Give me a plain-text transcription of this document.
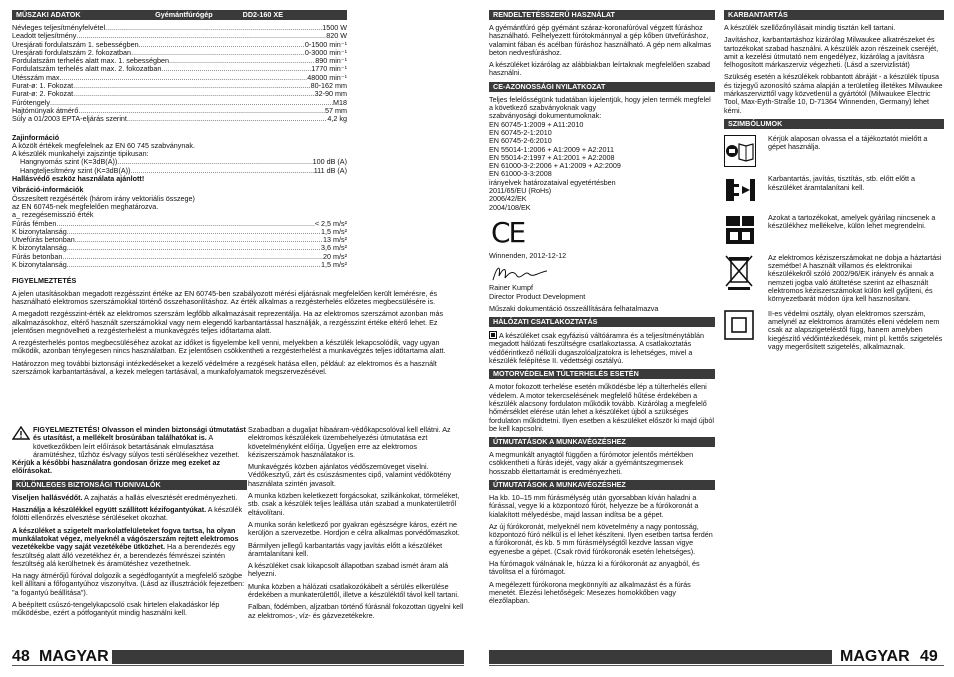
MŰSZAKI ADATOK	DD2-160 XE
Gyémántfúrógép
Névleges teljesítményfelvétel .....	1500 W
Leadott teljesítmény .....	820 W
Üresjárati fordulatszám 1. sebességben .....	0-1500 min⁻¹
Üresjárati fordulatszám 2. fokozatban .....	0-3000 min⁻¹
Fordulatszám terhelés alatt max. 1. sebességben .....	890 min⁻¹
Fordulatszám terhelés alatt max. 2. fokozatban .....	1770 min⁻¹
Ütésszám max. .....	48000 min⁻¹
Furat-ø: 1. Fokozat .....	80-162 mm
Furat-ø: 2. Fokozat .....	32-90 mm
Fúrótengely .....	M18
Hajtómünyak átmérő .....	57 mm
Súly a 01/2003 EPTA-eljárás szerint .....	4,2 kg

Zajinformáció

A közölt értékek megfelelnek az EN 60 745 szabványnak.
A készülék munkahelyi zajszintje tipikusan:
Hangnyomás szint (K=3dB(A)) .....	100 dB (A)
Hangteljesítmény szint (K=3dB(A)) .....	111 dB (A)
Hallásvédő eszköz használata ajánlott!
Vibráció-információk
Összesített rezgésérték (három irány vektoriális összege)
az EN 60745-nek megfelelően meghatározva.
a_ rezegésemisszió érték
Fúrás fémben .....	< 2,5 m/s²
K bizonytalanság .....	1,5 m/s²
Ütvefúrás betonban .....	13 m/s²
K bizonytalanság .....	3,6 m/s²
Fúrás betonban .....	20 m/s²
K bizonytalanság .....	1,5 m/s²
FIGYELMEZTETÉS

A jelen utasításokban megadott rezgésszint értéke az EN 60745-ben szabályozott mérési eljárásnak megfelelően került lemérésre, és használható elektromos szerszámokkal történő összehasonlításhoz. Az érték alkalmas a rezgésterhelés előzetes megbecsülésére is.

A megadott rezgésszint-érték az elektromos szerszám legfőbb alkalmazásait reprezentálja. Ha az elektromos szerszámot azonban más alkalmazásokhoz, eltérő használt szerszámokkal vagy nem elegendő karbantartással használják, a rezgésszint értéke eltérő lehet. Ez jelentősen megnövelheti a rezgésterhelést a munkavégzés teljes időtartama alatt.

A rezgésterhelés pontos megbecsüléséhez azokat az időket is figyelembe kell venni, melyekben a készülék lekapcsolódik, vagy ugyan működik, azonban ténylegesen nincs használatban. Ez jelentősen csökkentheti a rezgésterhelést a munkavégzés teljes időtartama alatt.

Határozzon meg további biztonsági intézkedéseket a kezelő védelmére a rezgések hatása ellen, például: az elektromos és a használt szerszámok karbantartásával, a kezek melegen tartásával, a munkafolyamatok megszervezésével.

FIGYELMEZTETÉS! Olvasson el minden biztonsági útmutatást és utasítást, a mellékelt brosúrában találhatókat is. A következőkben leírt előírások betartásának elmulasztása áramütéshez, tűzhöz és/vagy súlyos testi sérülésekhez vezethet.

Kérjük a későbbi használatra gondosan őrizze meg ezeket az előírásokat.

KÜLÖNLEGES BIZTONSÁGI TUDNIVALÓK

Viseljen hallásvédőt. A zajhatás a hallás elvesztését eredményezheti.

Használja a készülékkel együtt szállított kézifogantyúkat. A készülék fölötti ellenőrzés elvesztése sérüléseket okozhat.

A készüléket a szigetelt markolatfelületeket fogva tartsa, ha olyan munkálatokat végez, melyeknél a vágószerszám rejtett elektromos vezetékekbe vagy saját vezetékébe ütközhet. Ha a berendezés egy feszültség alatt álló vezetékhez ér, a berendezés fémrészei szintén feszültség alá kerülhetnek és áramütéshez vezethetnek.

Ha nagy átmérőjű fúróval dolgozik a segédfogantyút a megfelelő szögbe kell állítani a főfogantyúhoz viszonyítva. (Lásd az illusztrációk fejezetben: "a fogantyú beállítása").

A beépített csúszó-tengelykapcsoló csak hirtelen elakadáskor lép működésbe, ezért a pótfogantyút mindig használni kell.

Szabadban a dugaljat hibaáram-védőkapcsolóval kell ellátni. Az elektromos készülékek üzembehelyezési útmutatása ezt követelményként előírja. Ügyeljen erre az elektromos kéziszerszámok használatakor is.

Munkavégzés közben ajánlatos védőszemüveget viselni. Védőkesztyű, zárt és csúszásmentes cipő, valamint védőkötény használata szintén javasolt.

A munka közben keletkezett forgácsokat, szilkánkokat, törmeléket, stb. csak a készülék teljes leállása után szabad a munkaterületről eltávolítani.

A munka során keletkező por gyakran egészségre káros, ezért ne kerüljön a szervezetbe. Hordjon e célra alkalmas porvédőmaszkot.

Bármilyen jellegű karbantartás vagy javítás előtt a készüléket áramtalanítani kell.

A készüléket csak kikapcsolt állapotban szabad ismét áram alá helyezni.

Munka közben a hálózati csatlakozókábelt a sérülés elkerülése érdekében a munkaterülettől, illetve a készüléktől távol kell tartani.

Falban, födémben, aljzatban történő fúrásnál fokozottan ügyelni kell az elektromos-, víz- és gázvezetékekre.

RENDELTETÉSSZERŰ HASZNÁLAT

A gyémántfúró gép gyémánt száraz-koronafúróval végzett fúráshoz használható. Felhelyezett fúrótokmánnyal a gép kőben ütvefúráshoz, valamint fában és acélban fúráshoz használható. A gép nem alkalmas beton nedvesfúráshoz.

A készüléket kizárólag az alábbiakban leírtaknak megfelelően szabad használni.

CE-AZONOSSÁGI NYILATKOZAT
Teljes felelősségünk tudatában kijelentjük, hogy jelen termék megfelel a következő szabványoknak vagy
szabványosági dokumentumoknak:
EN 60745-1:2009 + A11:2010
EN 60745-2-1:2010
EN 60745-2-6:2010
EN 55014-1:2006 + A1:2009 + A2:2011
EN 55014-2:1997 + A1:2001 + A2:2008
EN 61000-3-2:2006 + A1:2009 + A2:2009
EN 61000-3-3:2008
irányelvek határozataival egyetértésben
2011/65/EU (RoHs)
2006/42/EK
2004/108/EK
CE
Winnenden, 2012-12-12
Rainer Kumpf
Director Product Development
Műszaki dokumentáció összeállítására felhatalmazva
HÁLÓZATI CSATLAKOZTATÁS

A készüléket csak egyfázisú váltóáramra és a teljesítménytáblán megadott hálózati feszültségre csatlakoztassa. A csatlakoztatás védőérintkező nélküli dugaszolóaljzatokra is lehetséges, mivel a készülék felépítése II. védettségi osztályú.

MOTORVÉDELEM TÚLTERHELÉS ESETÉN

A motor fokozott terhelése esetén működésbe lép a túlterhelés elleni védelem. A motor tekercselésének megfelelő hűtése érdekében a készülék alacsony fordulaton működik tovább. Kizárólag a megfelelő hőmérséklet elérése után lehet a készüléket újból a szükséges fordulaton működtetni. Ilyen esetben a készüléket először ki majd újból be kell kapcsolni.

ÚTMUTATÁSOK A MUNKAVÉGZÉSHEZ

A megmunkált anyagtól függően a fúrómotor jelentős mértékben csökkentheti a fúrás idejét, vagy akár a gyémántszegmensek hosszabb élettartamát is eredményezheti.

ÚTMUTATÁSOK A MUNKAVÉGZÉSHEZ

Ha kb. 10–15 mm fúrásmélység után gyorsabban kíván haladni a fúrással, vegye ki a központozó fúrót, helyezze be a fúrókoronát a kialakított mélyedésbe, majd lassan indítsa be a gépet.

Az új fúrókoronát, melyeknél nem követelmény a nagy pontosság, központozó fúró nélkül is el lehet készíteni. Ilyen esetben tartsa ferdén a fúrókoronát, és kb. 5 mm fúrásmélységtől kezdve lassan vigye egyenesbe a gépet. (Csak rövid fúrókoronák esetén lehetséges).

Ha fúrómagok válnának le, húzza ki a fúrókoronát az anyagból, és távolítsa el a fúrómagot.

A megélezett fúrókorona megkönnyíti az alkalmazást és a fúrás menetét. Élezési lehetőségek: Mesezes homokkőben vagy élezőlapban.

KARBANTARTÁS

A készülék szellőzőnyílásait mindig tisztán kell tartani.

Javításhoz, karbantartáshoz kizárólag Milwaukee alkatrészeket és tartozékokat szabad használni. A készülék azon részeinek cseréjét, amit a kezelési útmutató nem engedélyez, kizárólag a javításra felhogosított márkaszerviz végezheti. (Lásd a szervizlistát)

Szükség esetén a készülékek robbantott ábráját - a készülék típusa és tizjegyű azonosító száma alapján a területileg illetékes Milwaukee márkaszervizttől vagy közvetlenül a gyártótól (Milwaukee Electric Tool, Max-Eyth-Straße 10, D-71364 Winnenden, Germany) lehet kérni.

SZIMBÓLUMOK
Kérjük alaposan olvassa el a tájékoztatót mielőtt a gépet használja.
Karbantartás, javítás, tisztítás, stb. előtt előtt a készüléket áramtalanítani kell.
Azokat a tartozékokat, amelyek gyárilag nincsenek a készülékhez mellékelve, külön lehet megrendelni.
Az elektromos kéziszerszámokat ne dobja a háztartási szemétbe! A használt villamos és elektronikai készülékekről szóló 2002/96/EK irányelv és annak a nemzeti jogba való átültetése szerint az elhasznált elektromos kéziszerszámokat külön kell gyűjteni, és környezetbarát módon újra kell hasznosítani.
II-es védelmi osztály, olyan elektromos szerszám, amelynél az elektromos áramütés elleni védelem nem csak az alapszigeteléstől függ, hanem amelyben kiegészítő védőintézkedések, mint pl. kettős szigetelés vagy megerősített szigetelés, alkalmaznak.
48 MAGYAR	MAGYAR 49
